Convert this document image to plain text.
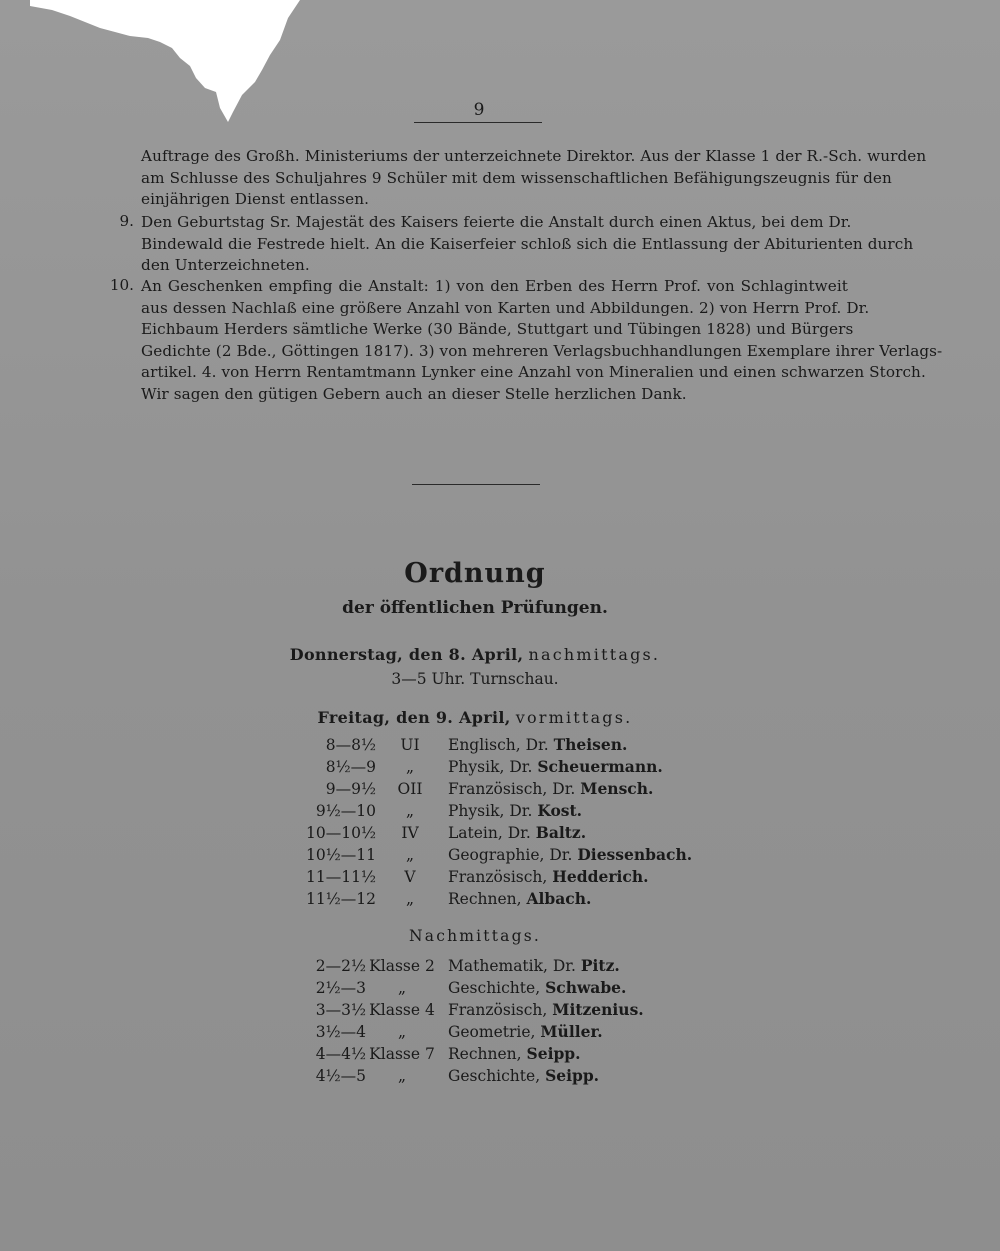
9
Auftrage des Großh. Ministeriums der unterzeichnete Direktor. Aus der Klasse 1 der R.-Sch. wurden
am Schlusse des Schuljahres 9 Schüler mit dem wissenschaftlichen Befähigungszeugnis für den
einjährigen Dienst entlassen.
9. Den Geburtstag Sr. Majestät des Kaisers feierte die Anstalt durch einen Aktus, bei dem Dr.
Bindewald die Festrede hielt. An die Kaiserfeier schloß sich die Entlassung der Abiturienten durch
den Unterzeichneten.
10. An Geschenken empfing die Anstalt: 1) von den Erben des Herrn Prof. von Schlagintweit
aus dessen Nachlaß eine größere Anzahl von Karten und Abbildungen. 2) von Herrn Prof. Dr.
Eichbaum Herders sämtliche Werke (30 Bände, Stuttgart und Tübingen 1828) und Bürgers
Gedichte (2 Bde., Göttingen 1817). 3) von mehreren Verlagsbuchhandlungen Exemplare ihrer Verlags-
artikel. 4. von Herrn Rentamtmann Lynker eine Anzahl von Mineralien und einen schwarzen Storch.
Wir sagen den gütigen Gebern auch an dieser Stelle herzlichen Dank.
Ordnung
der öffentlichen Prüfungen.
Donnerstag, den 8. April, nachmittags.
3—5 Uhr. Turnschau.
Freitag, den 9. April, vormittags.
8—8½	UI	Englisch, Dr. Theisen.
8½—9	„	Physik, Dr. Scheuermann.
9—9½	OII	Französisch, Dr. Mensch.
9½—10	„	Physik, Dr. Kost.
10—10½	IV	Latein, Dr. Baltz.
10½—11	„	Geographie, Dr. Diessenbach.
11—11½	V	Französisch, Hedderich.
11½—12	„	Rechnen, Albach.
Nachmittags.
2—2½ Klasse 2 Mathematik, Dr. Pitz.
2½—3	„	Geschichte, Schwabe.
3—3½ Klasse 4 Französisch, Mitzenius.
3½—4	„	Geometrie, Müller.
4—4½ Klasse 7 Rechnen, Seipp.
4½—5	„	Geschichte, Seipp.
